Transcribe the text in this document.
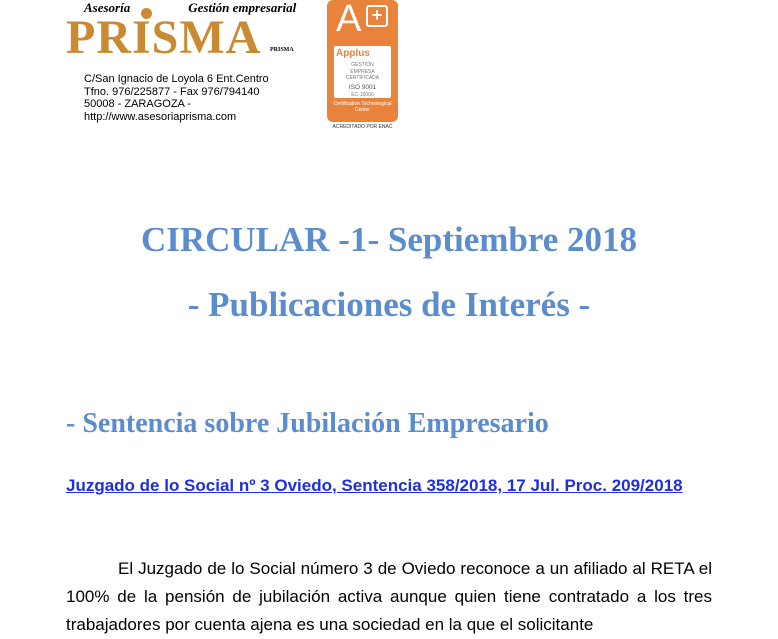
Asesoría	Gestión empresarial
PRISMA PRISMA
C/San Ignacio de Loyola 6 Ent.Centro
Tfno. 976/225877 - Fax 976/794140
50008 - ZARAGOZA -
http://www.asesoriaprisma.com
A +
Applus
GESTIÓN
EMPRESA CERTIFICADA
ISO 9001
EC-10000
Certification Technological Center
ACREDITADO POR ENAC
CIRCULAR -1- Septiembre 2018
- Publicaciones de Interés -
- Sentencia sobre Jubilación Empresario
Juzgado de lo Social nº 3 Oviedo, Sentencia 358/2018, 17 Jul. Proc. 209/2018
El Juzgado de lo Social número 3 de Oviedo reconoce a un afiliado al RETA el 100% de la pensión de jubilación activa aunque quien tiene contratado a los tres trabajadores por cuenta ajena es una sociedad en la que el solicitante
